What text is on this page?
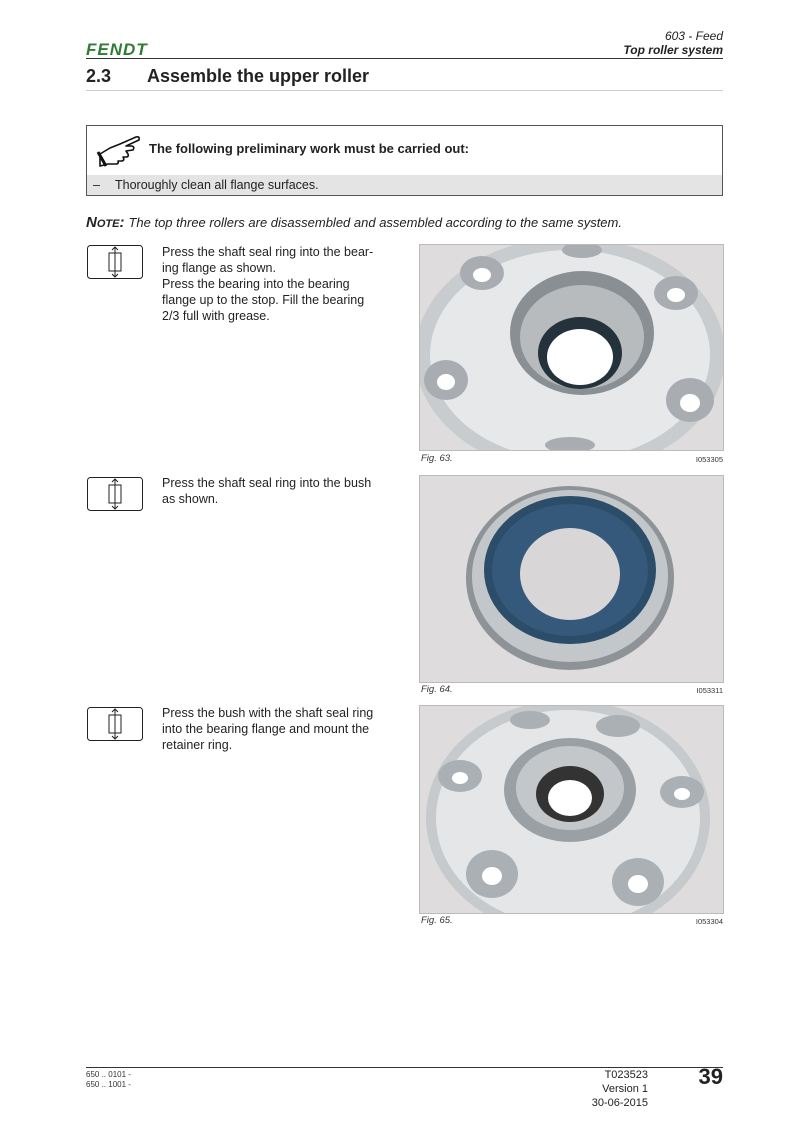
FENDT
603 - Feed
Top roller system
2.3 Assemble the upper roller
The following preliminary work must be carried out:
– Thoroughly clean all flange surfaces.
Note: The top three rollers are disassembled and assembled according to the same system.
Press the shaft seal ring into the bear-
ing flange as shown.
Press the bearing into the bearing
flange up to the stop. Fill the bearing
2/3 full with grease.
Fig. 63.	I053305
Press the shaft seal ring into the bush
as shown.
Fig. 64.	I053311
Press the bush with the shaft seal ring
into the bearing flange and mount the
retainer ring.
Fig. 65.	I053304
650 .. 0101 -
650 .. 1001 -
T023523
Version 1
30-06-2015
39
